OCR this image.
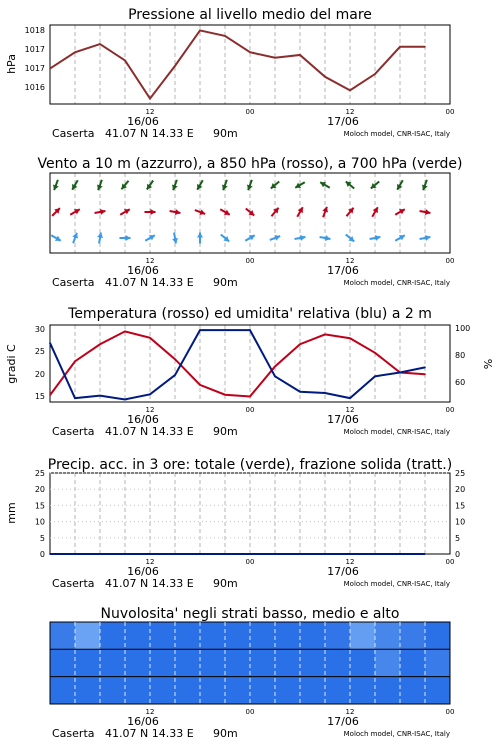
Pressione al livello medio del mare
hPa
1018
1017
1017
1016
Vento a 10 m (azzurro), a 850 hPa (rosso), a 700 hPa (verde)
Temperatura (rosso) ed umidita' relativa (blu) a 2 m
gradi C	%
30
25
20
15
100
80
60
Precip. acc. in 3 ore: totale (verde), frazione solida (tratt.)
mm
0	0
5	5
10	10
15	15
20	20
25	25
Nuvolosita' negli strati basso, medio e alto
12	00	12	00
16/06	17/06
Caserta 41.07 N 14.33 E 90m	Moloch model, CNR-ISAC, Italy
12	00	12	00
16/06	17/06
Caserta 41.07 N 14.33 E 90m	Moloch model, CNR-ISAC, Italy
12	00	12	00
16/06	17/06
Caserta 41.07 N 14.33 E 90m	Moloch model, CNR-ISAC, Italy
12	00	12	00
16/06	17/06
Caserta 41.07 N 14.33 E 90m	Moloch model, CNR-ISAC, Italy
12	00	12	00
16/06	17/06
Caserta 41.07 N 14.33 E 90m	Moloch model, CNR-ISAC, Italy
